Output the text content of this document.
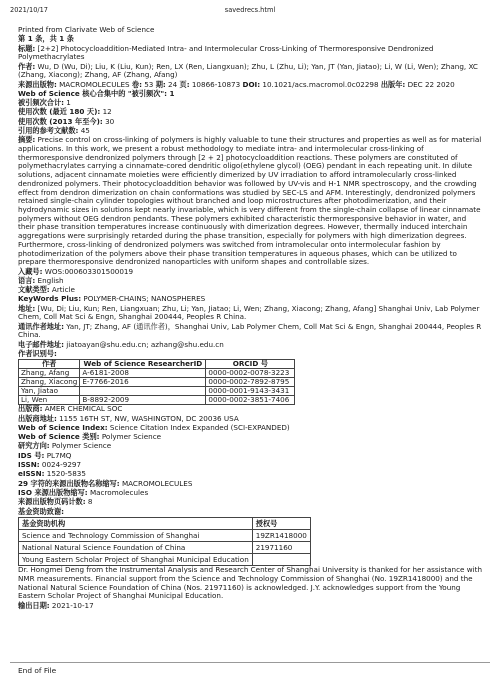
2021/10/17	savedrecs.html
Printed from Clarivate Web of Science
第 1 条，共 1 条
标题: [2+2] Photocycloaddition-Mediated Intra- and Intermolecular Cross-Linking of Thermoresponsive Dendronized Polymethacrylates
作者: Wu, D (Wu, Di); Liu, K (Liu, Kun); Ren, LX (Ren, Liangxuan); Zhu, L (Zhu, Li); Yan, JT (Yan, Jiatao); Li, W (Li, Wen); Zhang, XC (Zhang, Xiacong); Zhang, AF (Zhang, Afang)
来源出版物: MACROMOLECULES 卷: 53 期: 24 页: 10866-10873 DOI: 10.1021/acs.macromol.0c02298 出版年: DEC 22 2020
Web of Science 核心合集中的 "被引频次": 1
被引频次合计: 1
使用次数 (最近 180 天): 12
使用次数 (2013 年至今): 30
引用的参考文献数: 45
摘要: Precise control on cross-linking of polymers is highly valuable to tune their structures and properties as well as for material applications. In this work, we present a robust methodology to mediate intra- and intermolecular cross-linking of thermoresponsive dendronized polymers through [2 + 2] photocycloaddition reactions. These polymers are constituted of polymethacrylates carrying a cinnamate-cored dendritic oligo(ethylene glycol) (OEG) pendant in each repeating unit. In dilute solutions, adjacent cinnamate moieties were efficiently dimerized by UV irradiation to afford intramolecularly cross-linked dendronized polymers. Their photocycloaddition behavior was followed by UV-vis and H-1 NMR spectroscopy, and the crowding effect from dendron dimerization on chain conformations was studied by SEC-LS and AFM. Interestingly, dendronized polymers retained single-chain cylinder topologies without branched and loop microstructures after photodimerization, and their hydrodynamic sizes in solutions kept nearly invariable, which is very different from the single-chain collapse of linear cinnamate polymers without OEG dendron pendants. These polymers exhibited characteristic thermoresponsive behavior in water, and their phase transition temperatures increase continuously with dimerization degrees. However, thermally induced interchain aggregations were surprisingly retarded during the phase transition, especially for polymers with high dimerization degrees. Furthermore, cross-linking of dendronized polymers was switched from intramolecular onto intermolecular fashion by photodimerization of the polymers above their phase transition temperatures in aqueous phases, which can be utilized to prepare thermoresponsive dendronized nanoparticles with uniform shapes and controllable sizes.
入藏号: WOS:000603301500019
语言: English
文献类型: Article
KeyWords Plus: POLYMER-CHAINS; NANOSPHERES
地址: [Wu, Di; Liu, Kun; Ren, Liangxuan; Zhu, Li; Yan, Jiatao; Li, Wen; Zhang, Xiacong; Zhang, Afang] Shanghai Univ, Lab Polymer Chem, Coll Mat Sci & Engn, Shanghai 200444, Peoples R China.
通讯作者地址: Yan, JT; Zhang, AF (通讯作者)，Shanghai Univ, Lab Polymer Chem, Coll Mat Sci & Engn, Shanghai 200444, Peoples R China.
电子邮件地址: jiatoayan@shu.edu.cn; azhang@shu.edu.cn
作者识别号:
作者	Web of Science ResearcherID	ORCID 号
Zhang, Afang	A-6181-2008	0000-0002-0078-3223
Zhang, Xiacong	E-7766-2016	0000-0002-7892-8795
Yan, Jiatao		0000-0001-9143-3431
Li, Wen	B-8892-2009	0000-0002-3851-7406
出版商: AMER CHEMICAL SOC
出版商地址: 1155 16TH ST, NW, WASHINGTON, DC 20036 USA
Web of Science Index: Science Citation Index Expanded (SCI-EXPANDED)
Web of Science 类别: Polymer Science
研究方向: Polymer Science
IDS 号: PL7MQ
ISSN: 0024-9297
eISSN: 1520-5835
29 字符的来源出版物名称缩写: MACROMOLECULES
ISO 来源出版物缩写: Macromolecules
来源出版物页码计数: 8
基金资助致谢:
基金资助机构	授权号
Science and Technology Commission of Shanghai	19ZR1418000
National Natural Science Foundation of China	21971160
Young Eastern Scholar Project of Shanghai Municipal Education	
Dr. Hongmei Deng from the Instrumental Analysis and Research Center of Shanghai University is thanked for her assistance with NMR measurements. Financial support from the Science and Technology Commission of Shanghai (No. 19ZR1418000) and the National Natural Science Foundation of China (Nos. 21971160) is acknowledged. J.Y. acknowledges support from the Young Eastern Scholar Project of Shanghai Municipal Education.
输出日期: 2021-10-17
End of File
